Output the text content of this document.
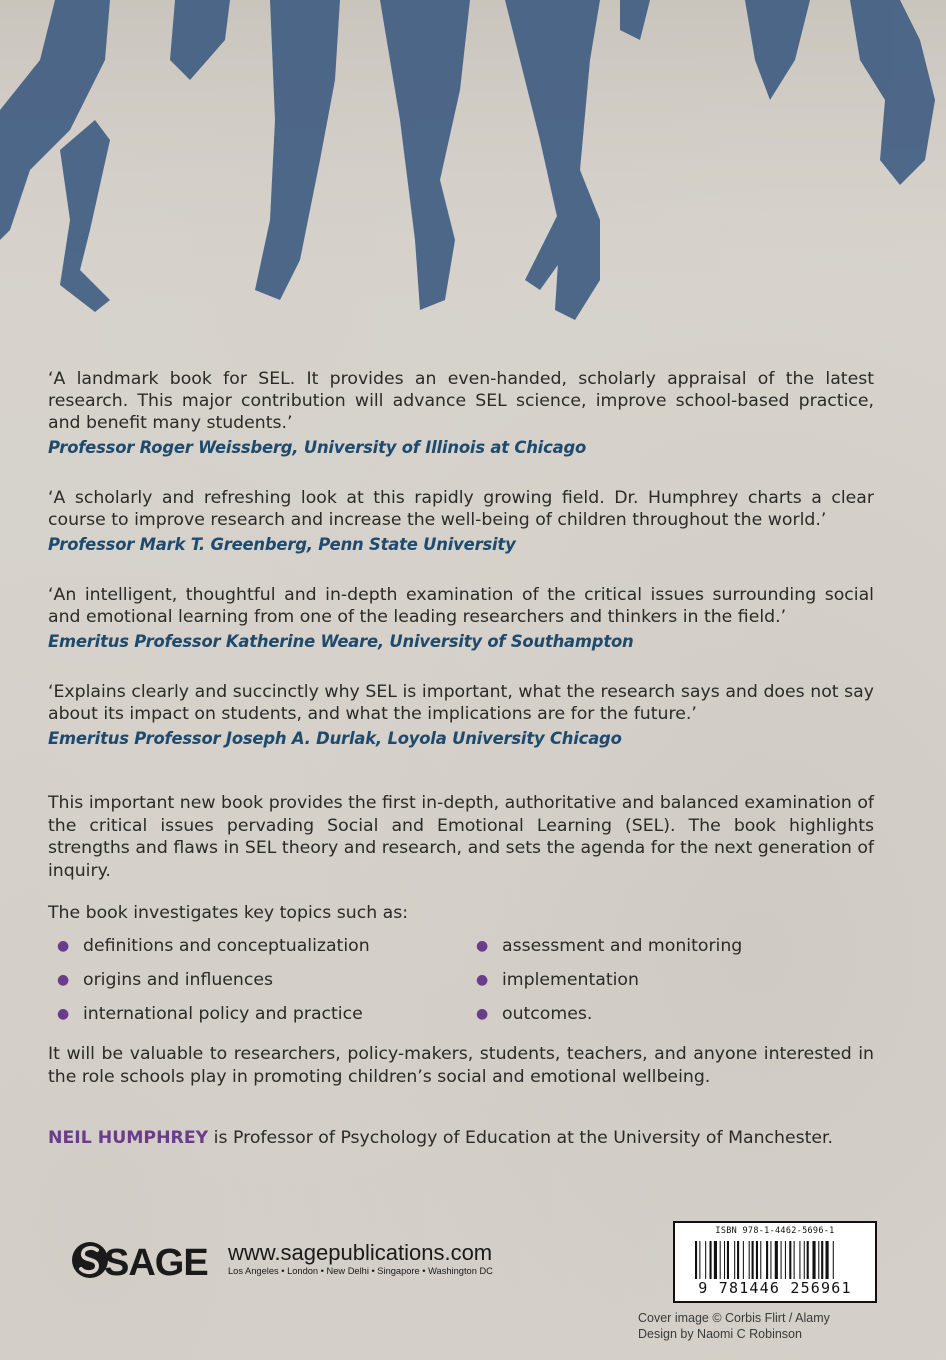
‘A landmark book for SEL. It provides an even-handed, scholarly appraisal of the latest research. This major contribution will advance SEL science, improve school-based practice, and benefit many students.’

Professor Roger Weissberg, University of Illinois at Chicago

‘A scholarly and refreshing look at this rapidly growing field. Dr. Humphrey charts a clear course to improve research and increase the well-being of children throughout the world.’

Professor Mark T. Greenberg, Penn State University

‘An intelligent, thoughtful and in-depth examination of the critical issues surrounding social and emotional learning from one of the leading researchers and thinkers in the field.’

Emeritus Professor Katherine Weare, University of Southampton

‘Explains clearly and succinctly why SEL is important, what the research says and does not say about its impact on students, and what the implications are for the future.’

Emeritus Professor Joseph A. Durlak, Loyola University Chicago

This important new book provides the first in-depth, authoritative and balanced examination of the critical issues pervading Social and Emotional Learning (SEL). The book highlights strengths and flaws in SEL theory and research, and sets the agenda for the next generation of inquiry.

The book investigates key topics such as:

● definitions and conceptualization
● origins and influences
● international policy and practice
● assessment and monitoring
● implementation
● outcomes.

It will be valuable to researchers, policy-makers, students, teachers, and anyone interested in the role schools play in promoting children’s social and emotional wellbeing.

NEIL HUMPHREY is Professor of Psychology of Education at the University of Manchester.

SAGE www.sagepublications.com
Los Angeles • London • New Delhi • Singapore • Washington DC
ISBN 978-1-4462-5696-1
9 781446 256961
Cover image © Corbis Flirt / Alamy
Design by Naomi C Robinson
